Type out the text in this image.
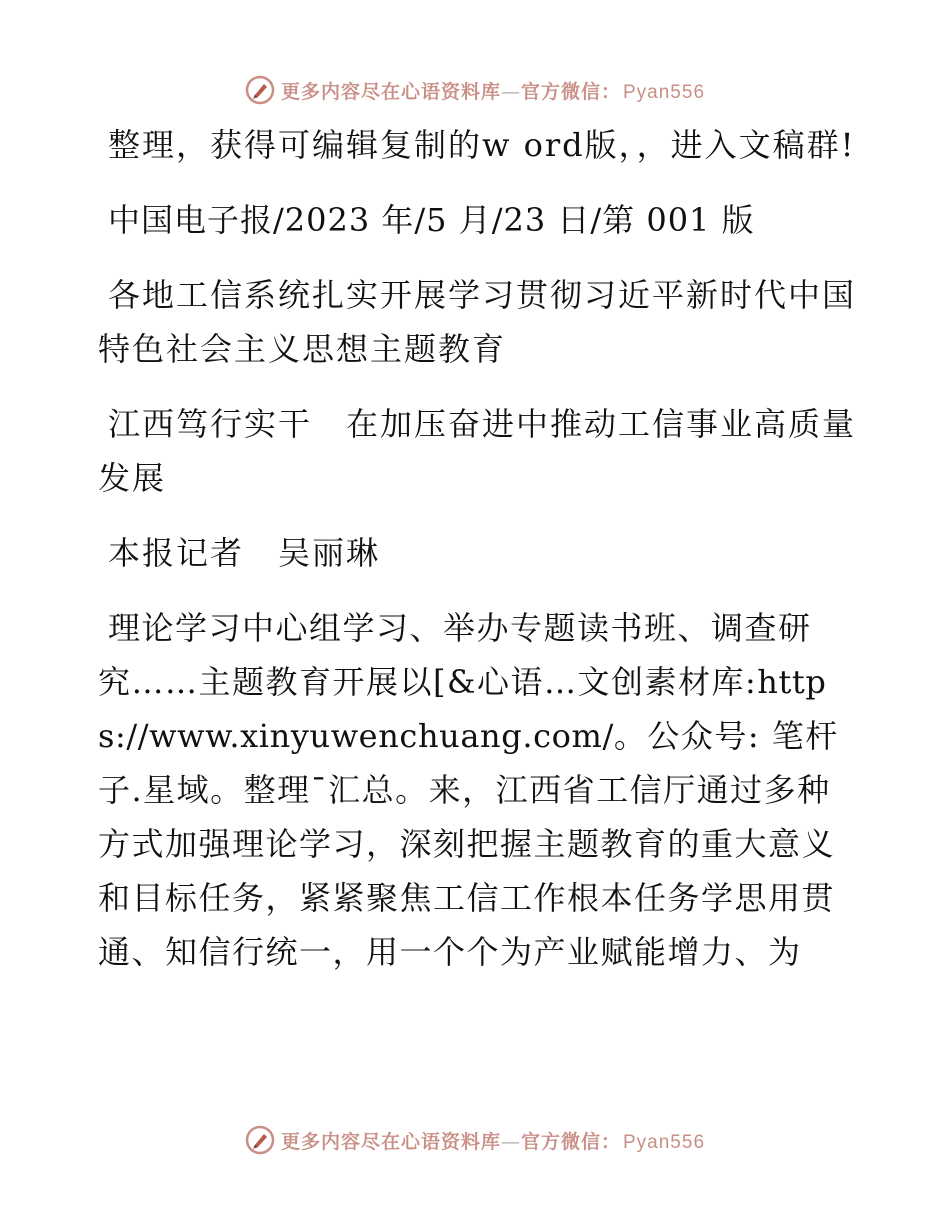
更多内容尽在心语资料库—官方微信： Pyan556

整理，获得可编辑复制的w ord版，，进入文稿群!

中国电子报/2023 年/5 月/23 日/第 001 版

各地工信系统扎实开展学习贯彻习近平新时代中国特色社会主义思想主题教育

江西笃行实干　在加压奋进中推动工信事业高质量发展

本报记者　吴丽琳

理论学习中心组学习、举办专题读书班、调查研究……主题教育开展以[&心语…文创素材库:https://www.xinyuwenchuang.com/。公众号: 笔杆子.星域。整理¯汇总。来，江西省工信厅通过多种方式加强理论学习，深刻把握主题教育的重大意义和目标任务，紧紧聚焦工信工作根本任务学思用贯通、知信行统一，用一个个为产业赋能增力、为

更多内容尽在心语资料库—官方微信： Pyan556
